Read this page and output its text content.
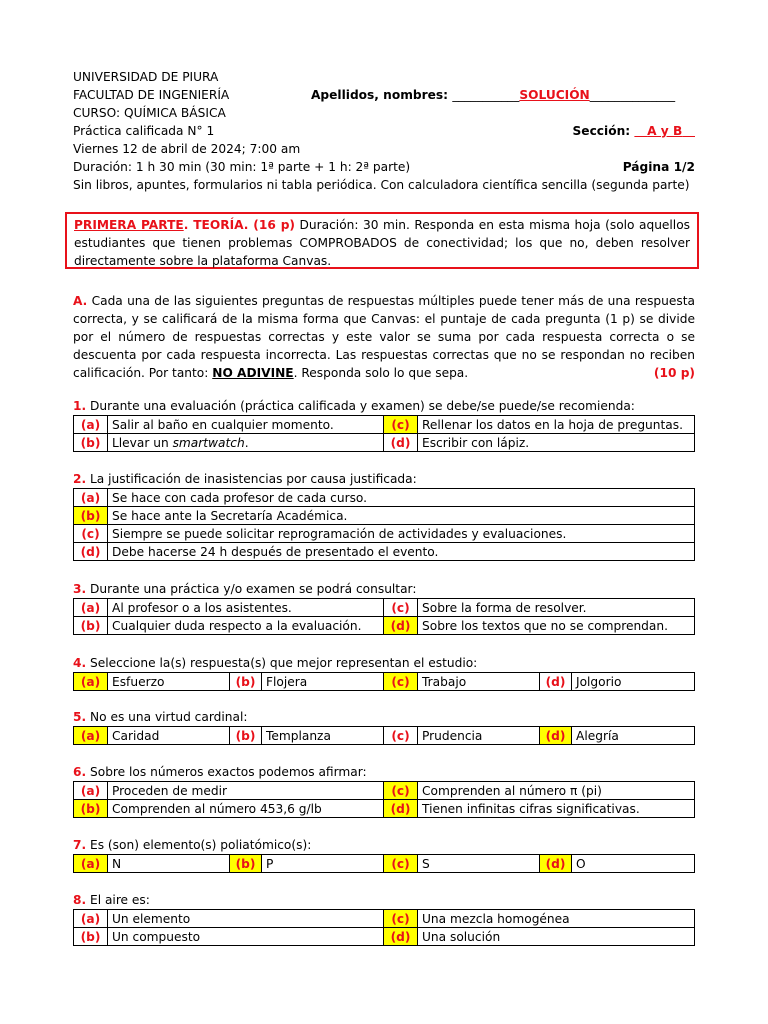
UNIVERSIDAD DE PIURA
FACULTAD DE INGENIERÍA	Apellidos, nombres: ___________SOLUCIÓN______________
CURSO: QUÍMICA BÁSICA
Práctica calificada N° 1	Sección: A y B
Viernes 12 de abril de 2024; 7:00 am
Duración: 1 h 30 min (30 min: 1ª parte + 1 h: 2ª parte)	Página 1/2
Sin libros, apuntes, formularios ni tabla periódica. Con calculadora científica sencilla (segunda parte)
PRIMERA PARTE. TEORÍA. (16 p) Duración: 30 min. Responda en esta misma hoja (solo aquellos estudiantes que tienen problemas COMPROBADOS de conectividad; los que no, deben resolver directamente sobre la plataforma Canvas.
A. Cada una de las siguientes preguntas de respuestas múltiples puede tener más de una respuesta correcta, y se calificará de la misma forma que Canvas: el puntaje de cada pregunta (1 p) se divide por el número de respuestas correctas y este valor se suma por cada respuesta correcta o se descuenta por cada respuesta incorrecta. Las respuestas correctas que no se respondan no reciben calificación. Por tanto: NO ADIVINE. Responda solo lo que sepa.	(10 p)
1. Durante una evaluación (práctica calificada y examen) se debe/se puede/se recomienda:
(a)	Salir al baño en cualquier momento.	(c)	Rellenar los datos en la hoja de preguntas.
(b)	Llevar un smartwatch.	(d)	Escribir con lápiz.
2. La justificación de inasistencias por causa justificada:
(a)	Se hace con cada profesor de cada curso.
(b)	Se hace ante la Secretaría Académica.
(c)	Siempre se puede solicitar reprogramación de actividades y evaluaciones.
(d)	Debe hacerse 24 h después de presentado el evento.
3. Durante una práctica y/o examen se podrá consultar:
(a)	Al profesor o a los asistentes.	(c)	Sobre la forma de resolver.
(b)	Cualquier duda respecto a la evaluación.	(d)	Sobre los textos que no se comprendan.
4. Seleccione la(s) respuesta(s) que mejor representan el estudio:
(a)	Esfuerzo	(b)	Flojera	(c)	Trabajo	(d)	Jolgorio
5. No es una virtud cardinal:
(a)	Caridad	(b)	Templanza	(c)	Prudencia	(d)	Alegría
6. Sobre los números exactos podemos afirmar:
(a)	Proceden de medir	(c)	Comprenden al número π (pi)
(b)	Comprenden al número 453,6 g/lb	(d)	Tienen infinitas cifras significativas.
7. Es (son) elemento(s) poliatómico(s):
(a)	N	(b)	P	(c)	S	(d)	O
8. El aire es:
(a)	Un elemento	(c)	Una mezcla homogénea
(b)	Un compuesto	(d)	Una solución
